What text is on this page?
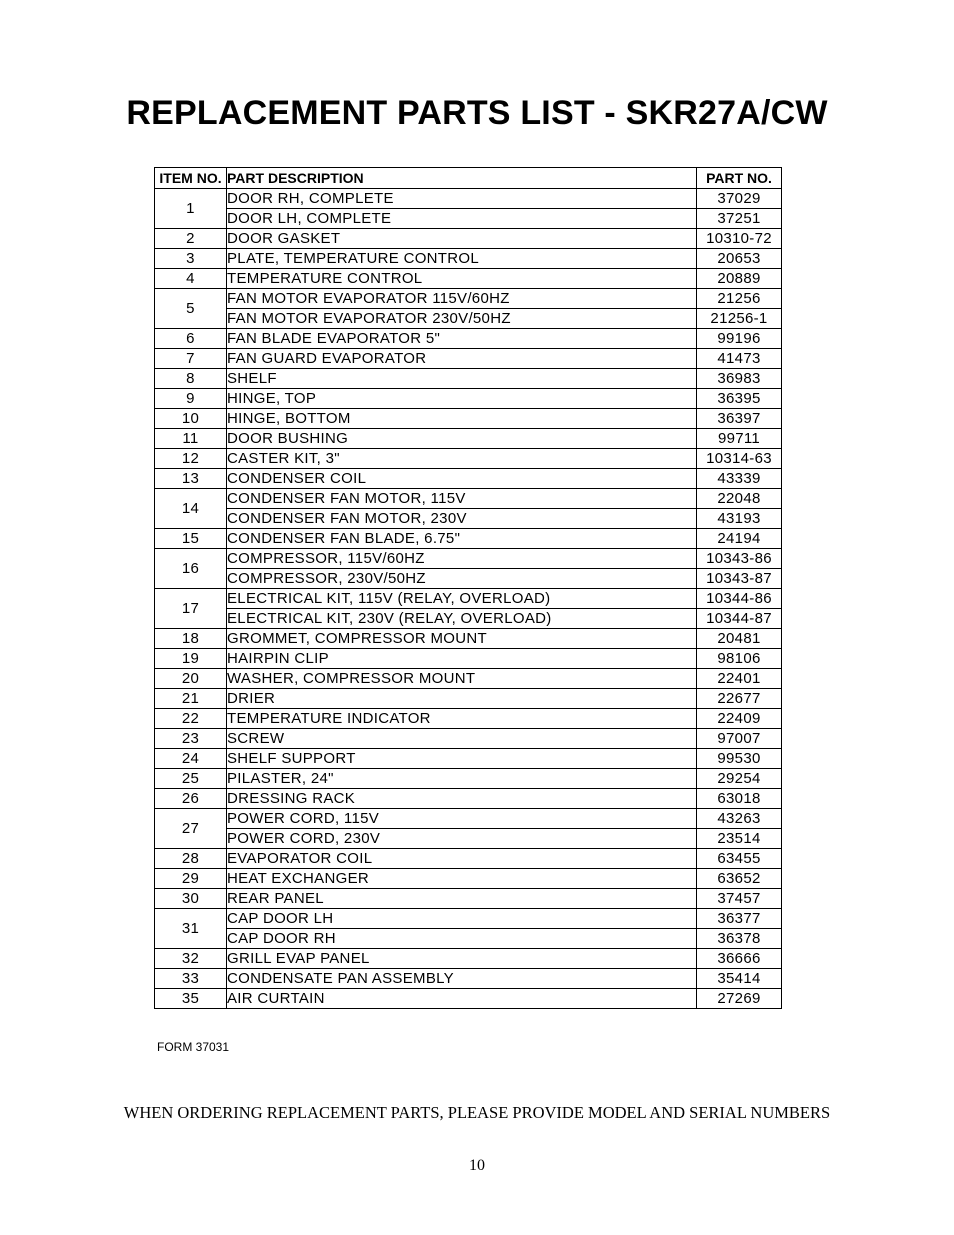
REPLACEMENT PARTS LIST - SKR27A/CW
ITEM NO.	PART DESCRIPTION	PART NO.
1	DOOR RH, COMPLETE	37029
	DOOR LH, COMPLETE	37251
2	DOOR GASKET	10310-72
3	PLATE, TEMPERATURE CONTROL	20653
4	TEMPERATURE CONTROL	20889
5	FAN MOTOR EVAPORATOR 115V/60HZ	21256
	FAN MOTOR EVAPORATOR 230V/50HZ	21256-1
6	FAN BLADE EVAPORATOR 5"	99196
7	FAN GUARD EVAPORATOR	41473
8	SHELF	36983
9	HINGE, TOP	36395
10	HINGE, BOTTOM	36397
11	DOOR BUSHING	99711
12	CASTER KIT, 3"	10314-63
13	CONDENSER COIL	43339
14	CONDENSER FAN MOTOR, 115V	22048
	CONDENSER FAN MOTOR, 230V	43193
15	CONDENSER FAN BLADE, 6.75"	24194
16	COMPRESSOR, 115V/60HZ	10343-86
	COMPRESSOR, 230V/50HZ	10343-87
17	ELECTRICAL KIT, 115V (RELAY, OVERLOAD)	10344-86
	ELECTRICAL KIT, 230V (RELAY, OVERLOAD)	10344-87
18	GROMMET, COMPRESSOR MOUNT	20481
19	HAIRPIN CLIP	98106
20	WASHER, COMPRESSOR MOUNT	22401
21	DRIER	22677
22	TEMPERATURE INDICATOR	22409
23	SCREW	97007
24	SHELF SUPPORT	99530
25	PILASTER, 24"	29254
26	DRESSING RACK	63018
27	POWER CORD, 115V	43263
	POWER CORD, 230V	23514
28	EVAPORATOR COIL	63455
29	HEAT EXCHANGER	63652
30	REAR PANEL	37457
31	CAP DOOR LH	36377
	CAP DOOR RH	36378
32	GRILL EVAP PANEL	36666
33	CONDENSATE PAN ASSEMBLY	35414
35	AIR CURTAIN	27269
FORM 37031
WHEN ORDERING REPLACEMENT PARTS, PLEASE PROVIDE MODEL AND SERIAL NUMBERS
10
